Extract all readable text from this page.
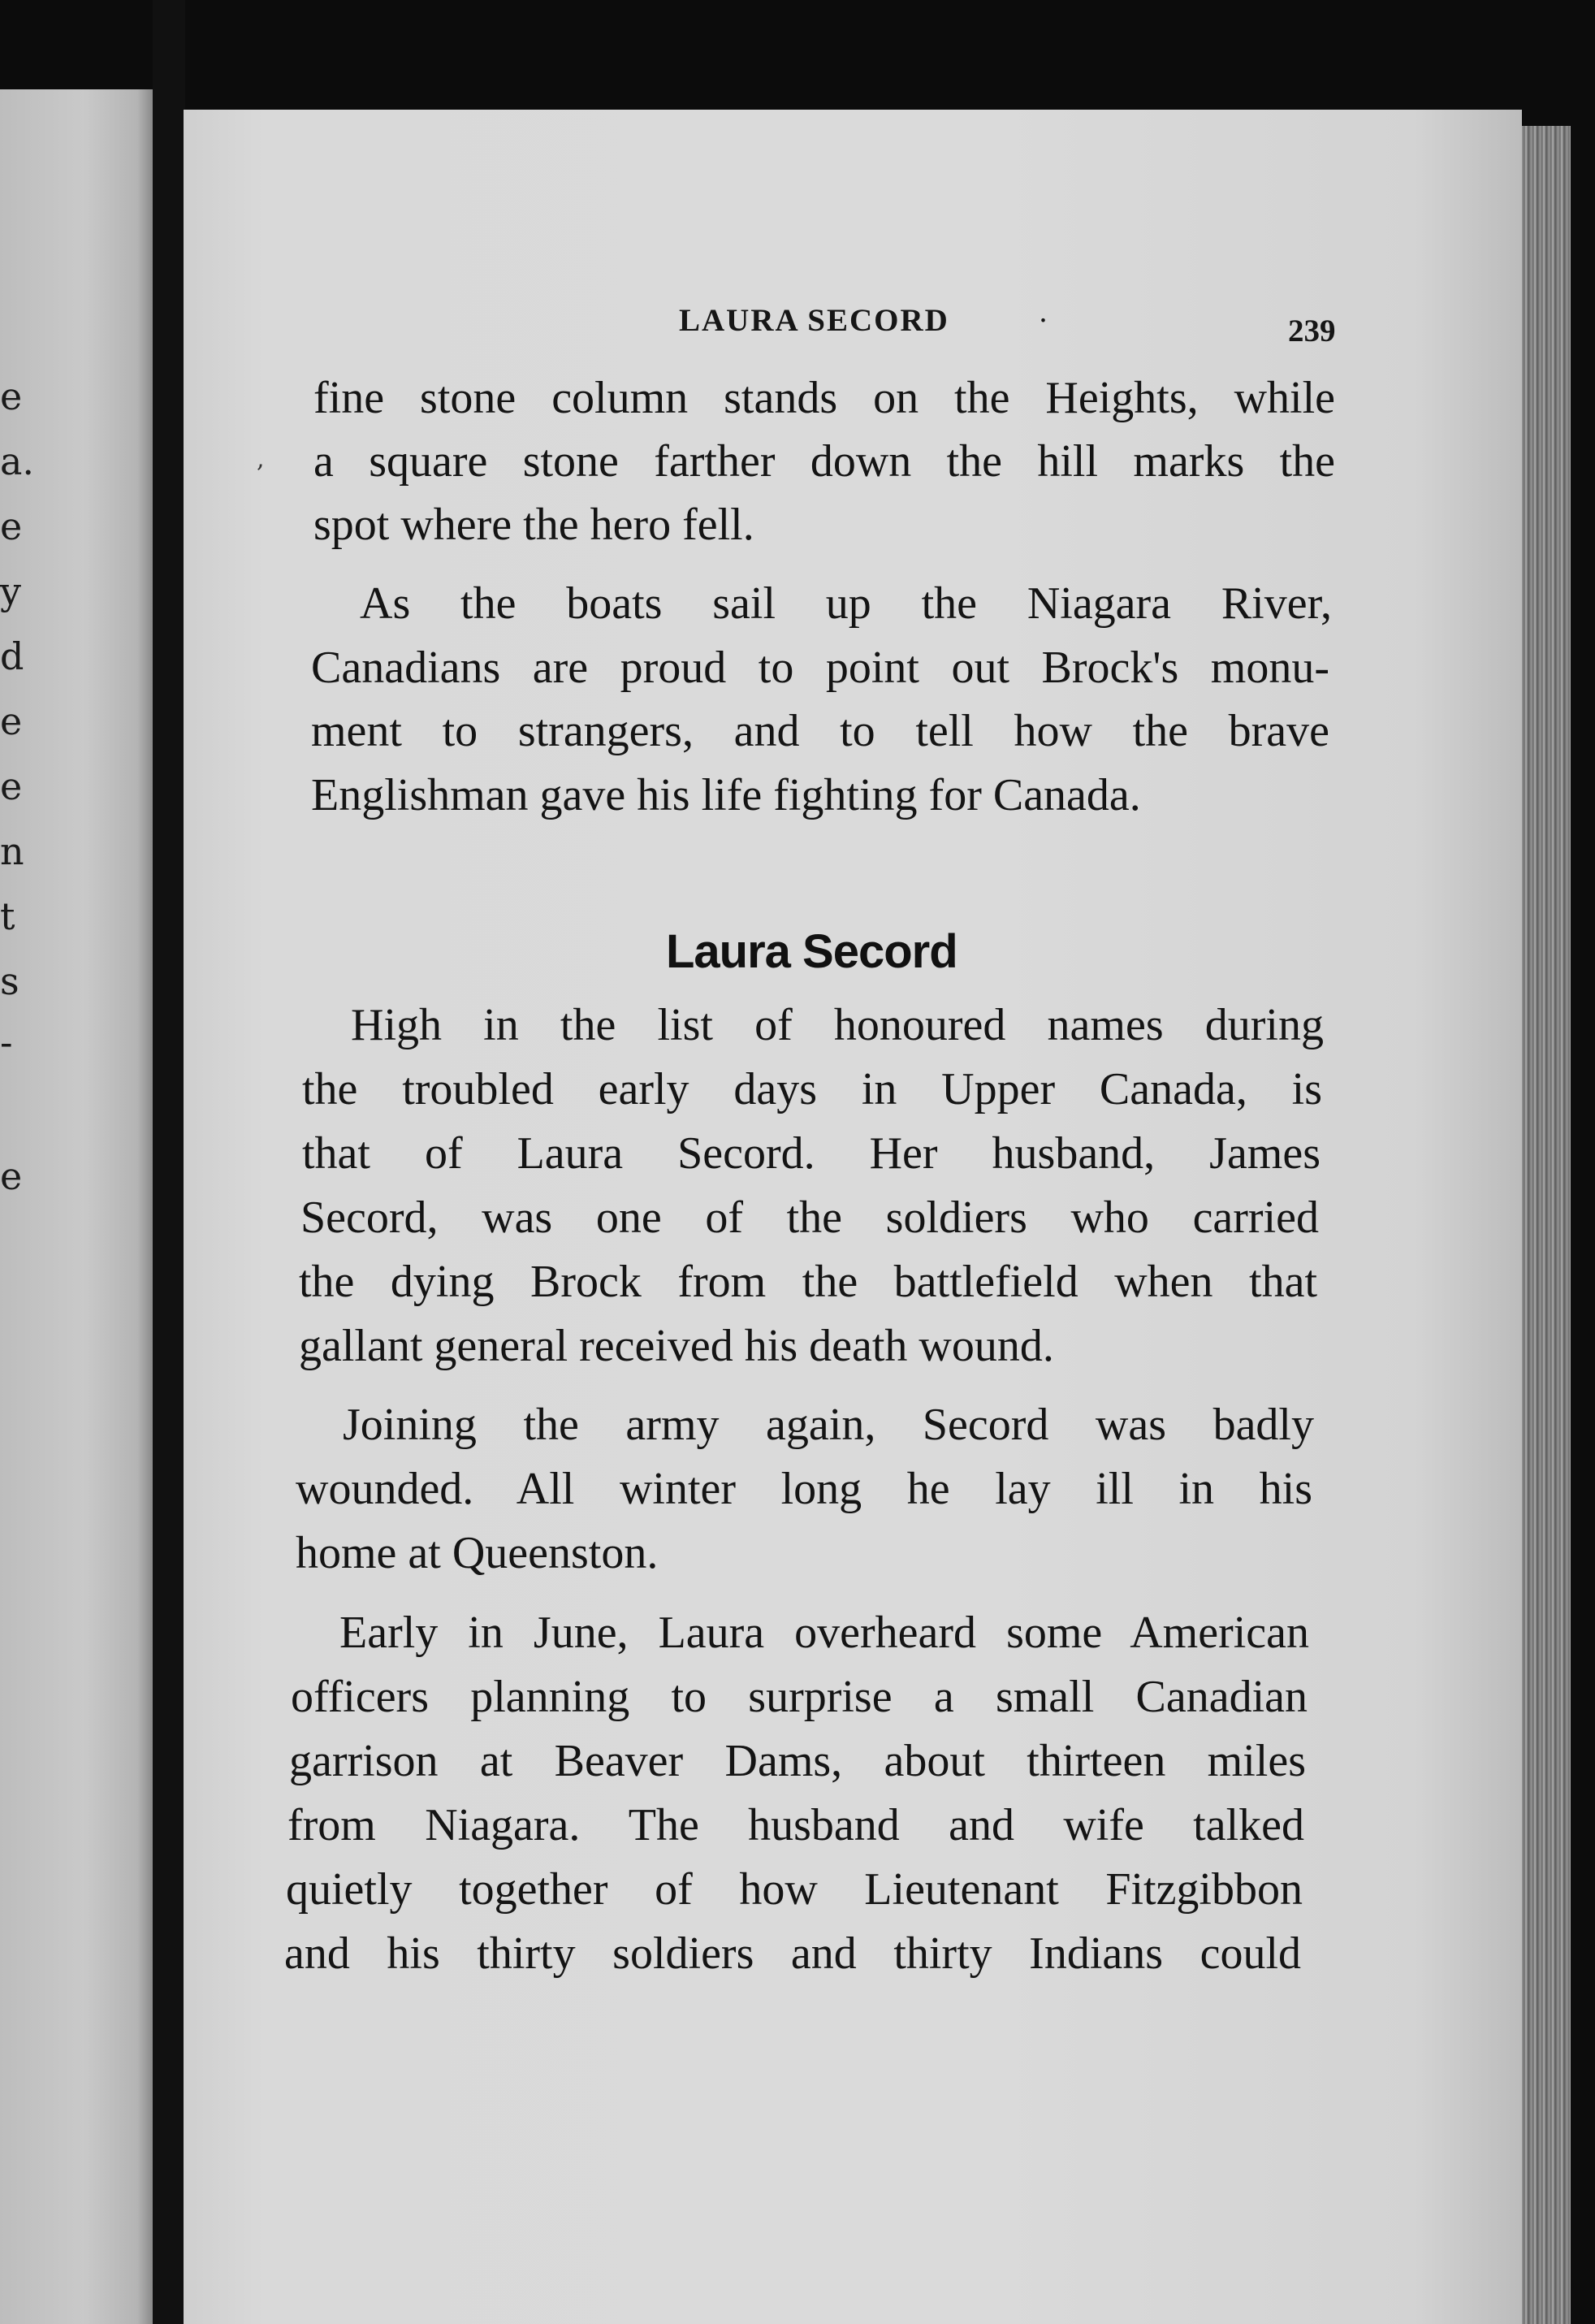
e
a.
e
y
d
e
e
n
t
s
-
e
LAURA SECORD	·	239
fine stone column stands on the Heights, while
a square stone farther down the hill marks the
spot where the hero fell.
As the boats sail up the Niagara River,
Canadians are proud to point out Brock's monu-
ment to strangers, and to tell how the brave
Englishman gave his life fighting for Canada.
Laura Secord
High in the list of honoured names during
the troubled early days in Upper Canada, is
that of Laura Secord. Her husband, James
Secord, was one of the soldiers who carried
the dying Brock from the battlefield when that
gallant general received his death wound.
Joining the army again, Secord was badly
wounded. All winter long he lay ill in his
home at Queenston.
Early in June, Laura overheard some American
officers planning to surprise a small Canadian
garrison at Beaver Dams, about thirteen miles
from Niagara. The husband and wife talked
quietly together of how Lieutenant Fitzgibbon
and his thirty soldiers and thirty Indians could
,
